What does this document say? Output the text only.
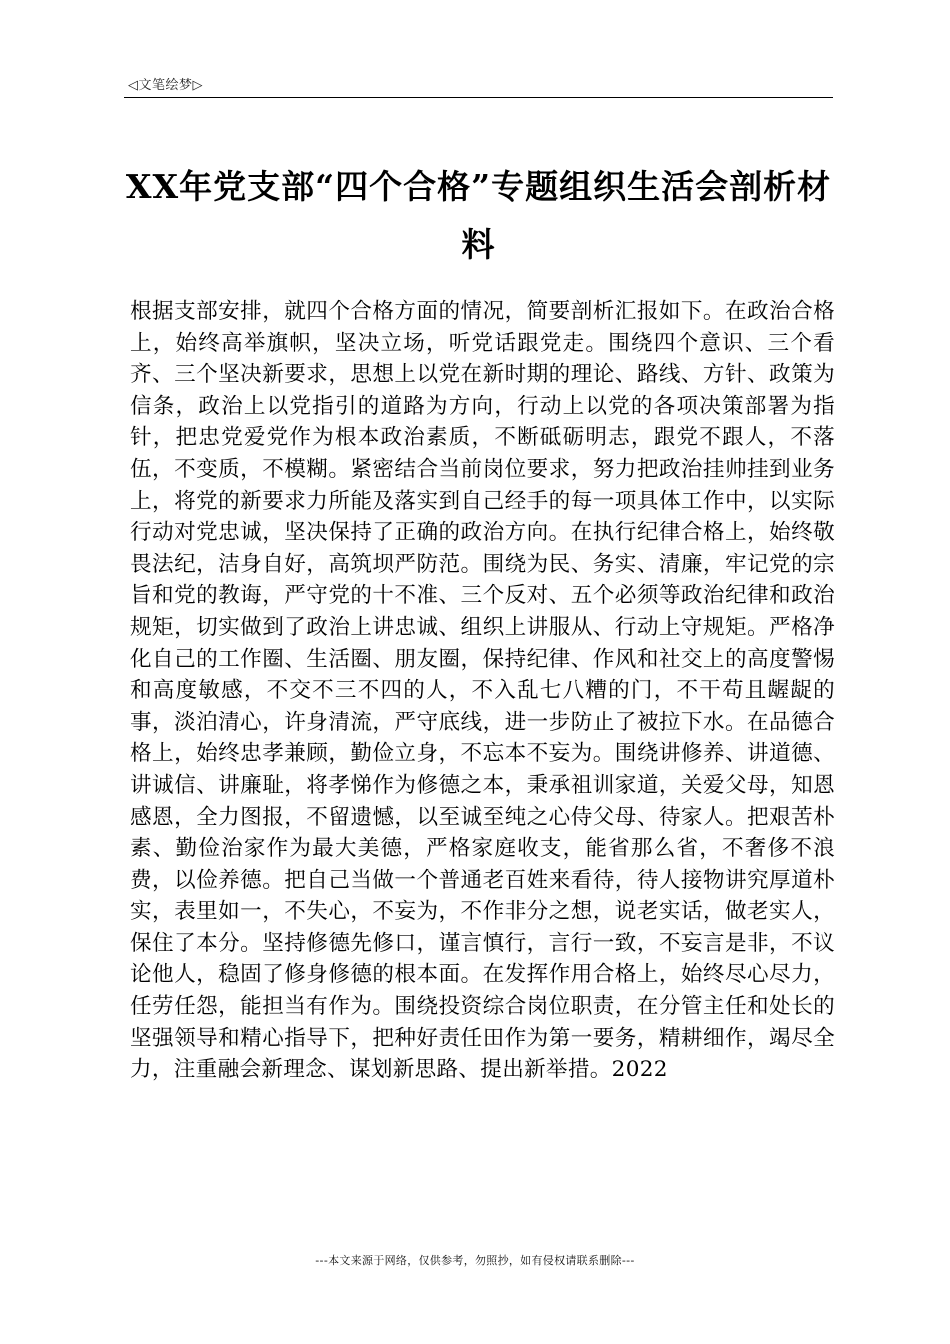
◁文笔绘梦▷
XX年党支部“四个合格”专题组织生活会剖析材料

根据支部安排，就四个合格方面的情况，简要剖析汇报如下。在政治合格上，始终高举旗帜，坚决立场，听党话跟党走。围绕四个意识、三个看齐、三个坚决新要求，思想上以党在新时期的理论、路线、方针、政策为信条，政治上以党指引的道路为方向，行动上以党的各项决策部署为指针，把忠党爱党作为根本政治素质，不断砥砺明志，跟党不跟人，不落伍，不变质，不模糊。紧密结合当前岗位要求，努力把政治挂帅挂到业务上，将党的新要求力所能及落实到自己经手的每一项具体工作中，以实际行动对党忠诚，坚决保持了正确的政治方向。在执行纪律合格上，始终敬畏法纪，洁身自好，高筑坝严防范。围绕为民、务实、清廉，牢记党的宗旨和党的教诲，严守党的十不准、三个反对、五个必须等政治纪律和政治规矩，切实做到了政治上讲忠诚、组织上讲服从、行动上守规矩。严格净化自己的工作圈、生活圈、朋友圈，保持纪律、作风和社交上的高度警惕和高度敏感，不交不三不四的人，不入乱七八糟的门，不干苟且龌龊的事，淡泊清心，许身清流，严守底线，进一步防止了被拉下水。在品德合格上，始终忠孝兼顾，勤俭立身，不忘本不妄为。围绕讲修养、讲道德、讲诚信、讲廉耻，将孝悌作为修德之本，秉承祖训家道，关爱父母，知恩感恩，全力图报，不留遗憾，以至诚至纯之心侍父母、待家人。把艰苦朴素、勤俭治家作为最大美德，严格家庭收支，能省那么省，不奢侈不浪费，以俭养德。把自己当做一个普通老百姓来看待，待人接物讲究厚道朴实，表里如一，不失心，不妄为，不作非分之想，说老实话，做老实人，保住了本分。坚持修德先修口，谨言慎行，言行一致，不妄言是非，不议论他人，稳固了修身修德的根本面。在发挥作用合格上，始终尽心尽力，任劳任怨，能担当有作为。围绕投资综合岗位职责，在分管主任和处长的坚强领导和精心指导下，把种好责任田作为第一要务，精耕细作，竭尽全力，注重融会新理念、谋划新思路、提出新举措。2022

---本文来源于网络，仅供参考，勿照抄，如有侵权请联系删除---
